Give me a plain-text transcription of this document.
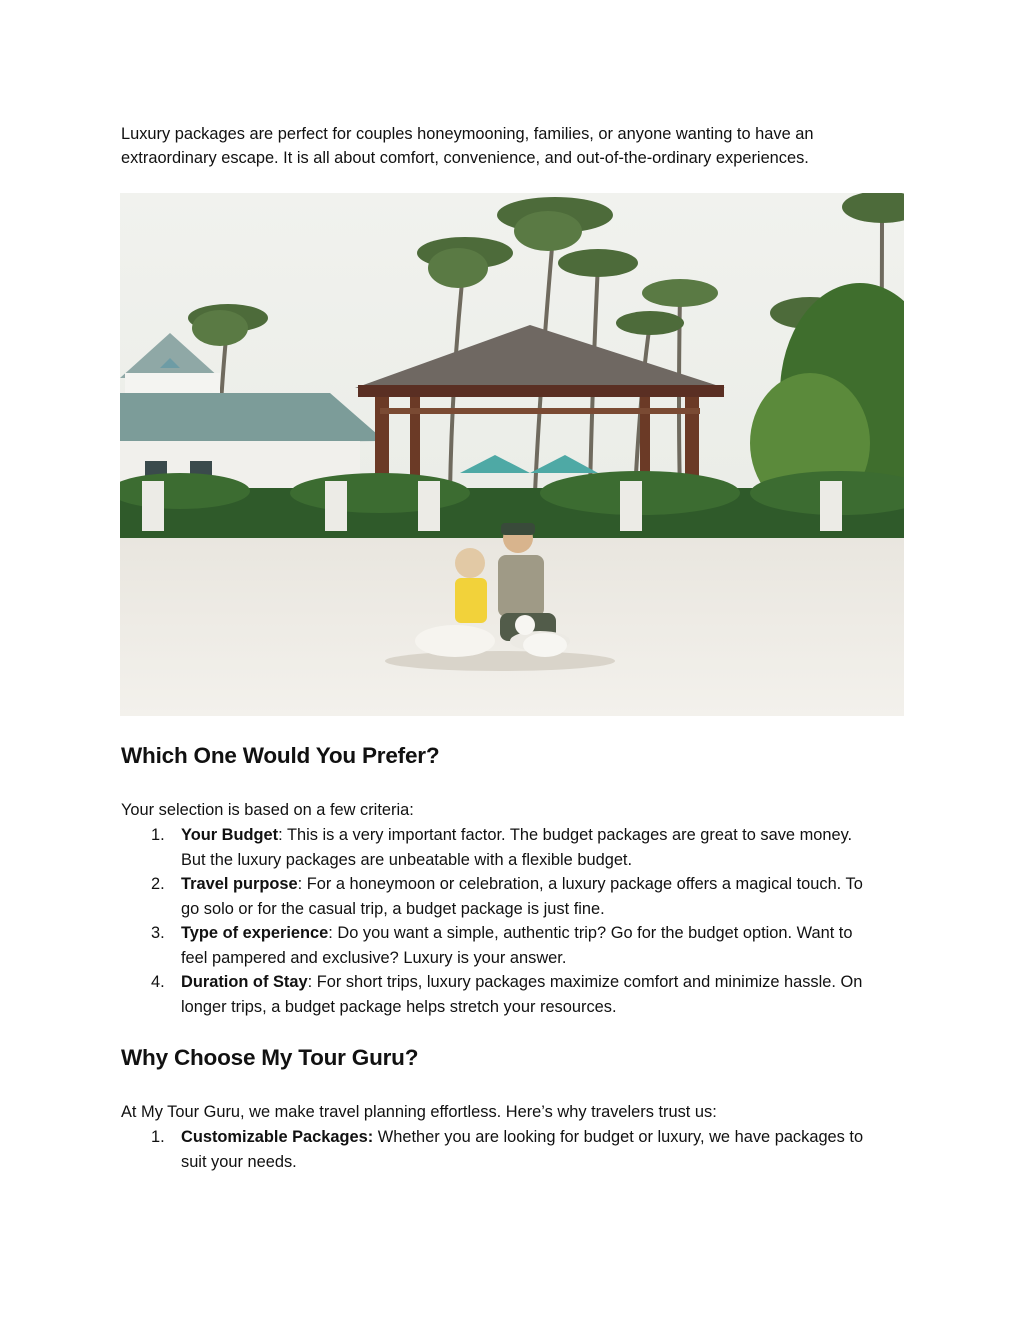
Luxury packages are perfect for couples honeymooning, families, or anyone wanting to have an extraordinary escape. It is all about comfort, convenience, and out-of-the-ordinary experiences.

Which One Would You Prefer?

Your selection is based on a few criteria:

1. Your Budget: This is a very important factor. The budget packages are great to save money. But the luxury packages are unbeatable with a flexible budget.
2. Travel purpose: For a honeymoon or celebration, a luxury package offers a magical touch. To go solo or for the casual trip, a budget package is just fine.
3. Type of experience: Do you want a simple, authentic trip? Go for the budget option. Want to feel pampered and exclusive? Luxury is your answer.
4. Duration of Stay: For short trips, luxury packages maximize comfort and minimize hassle. On longer trips, a budget package helps stretch your resources.
Why Choose My Tour Guru?

At My Tour Guru, we make travel planning effortless. Here’s why travelers trust us:

1. Customizable Packages: Whether you are looking for budget or luxury, we have packages to suit your needs.
